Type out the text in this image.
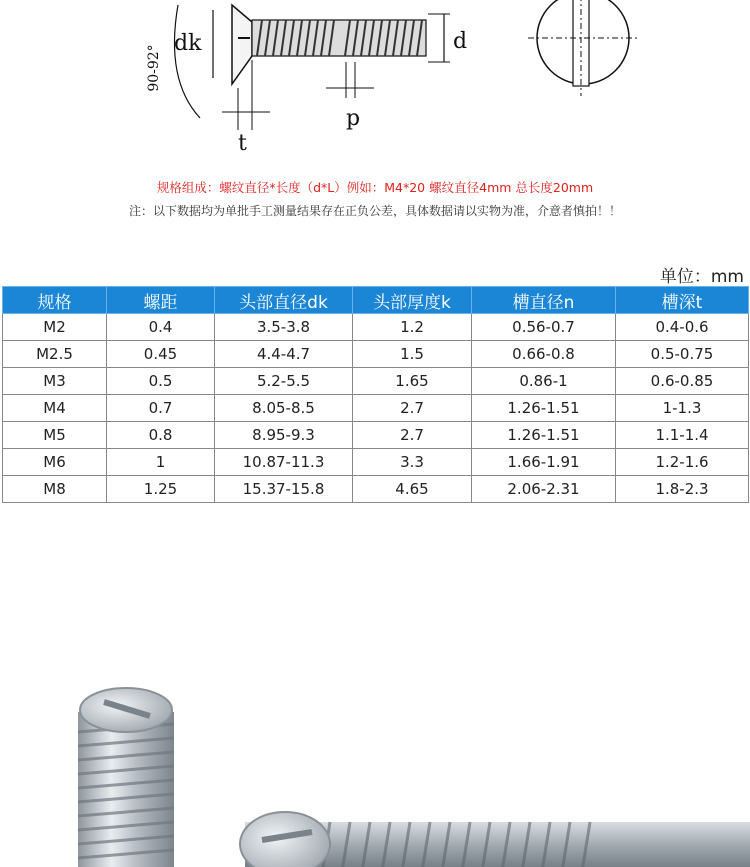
90-92°
dk	d
t
p
规格组成：螺纹直径*长度（d*L）例如：M4*20 螺纹直径4mm 总长度20mm
注：以下数据均为单批手工测量结果存在正负公差，具体数据请以实物为准，介意者慎拍！！
单位：mm
规格	螺距	头部直径dk	头部厚度k	槽直径n	槽深t
M2	0.4	3.5-3.8	1.2	0.56-0.7	0.4-0.6
M2.5	0.45	4.4-4.7	1.5	0.66-0.8	0.5-0.75
M3	0.5	5.2-5.5	1.65	0.86-1	0.6-0.85
M4	0.7	8.05-8.5	2.7	1.26-1.51	1-1.3
M5	0.8	8.95-9.3	2.7	1.26-1.51	1.1-1.4
M6	1	10.87-11.3	3.3	1.66-1.91	1.2-1.6
M8	1.25	15.37-15.8	4.65	2.06-2.31	1.8-2.3
